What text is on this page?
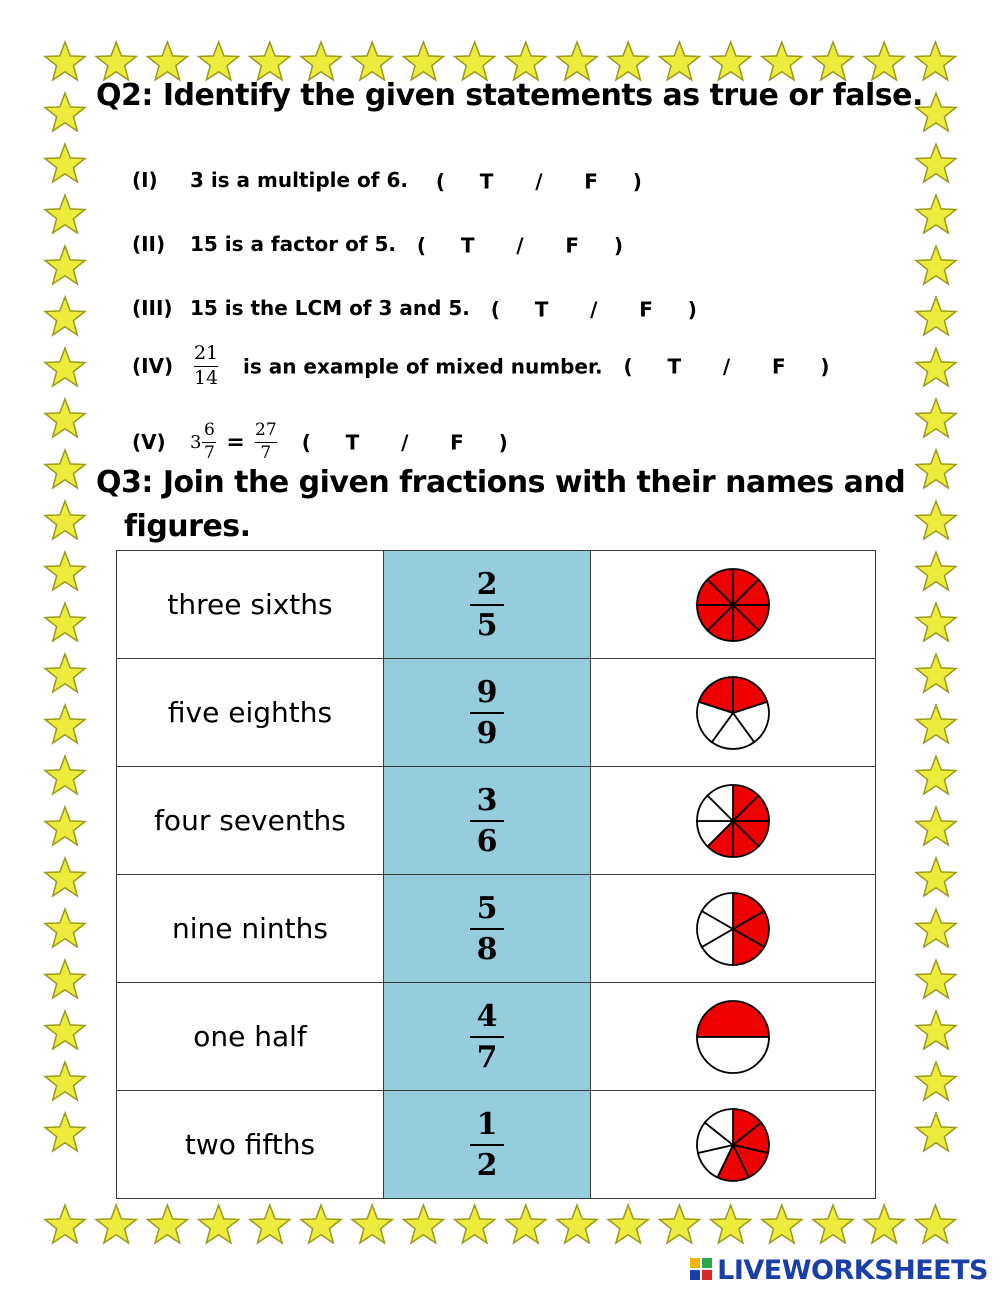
Q2: Identify the given statements as true or false.

(I) 3 is a multiple of 6. (     T      /      F     )

(II) 15 is a factor of 5. (     T      /      F     )

(III) 15 is the LCM of 3 and 5. (     T      /      F     )

$(IV) \frac{21}{14}$ is an example of mixed number. (     T      /      F     )

(V) $3 \frac{6}{7} = \frac{27}{7}$ (     T      /      F     )

Q3: Join the given fractions with their names and
figures.
three sixths	$\frac{2}{5}$

five eighths	$\frac{9}{9}$

four sevenths	$\frac{3}{6}$

nine ninths	$\frac{5}{8}$

one half	$\frac{4}{7}$

two fifths	$\frac{1}{2}$

LIVEWORKSHEETS
